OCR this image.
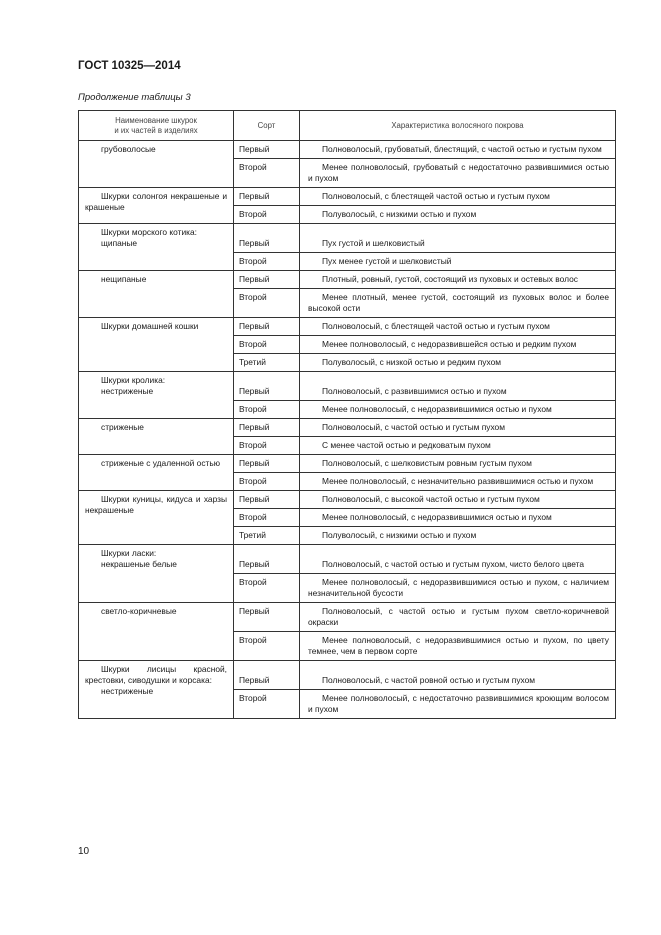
ГОСТ 10325—2014
Продолжение таблицы 3
Наименование шкурок
и их частей в изделиях	Сорт	Характеристика волосяного покрова

грубоволосые	Первый	Полноволосый, грубоватый, блестящий, с частой остью и густым пухом
	Второй	Менее полноволосый, грубоватый с недостаточно развившимися остью и пухом

Шкурки солонгоя некрашеные и крашеные	Первый	Полноволосый, с блестящей частой остью и густым пухом
	Второй	Полуволосый, с низкими остью и пухом

Шкурки морского котика:
щипаные	Первый	Пух густой и шелковистый
	Второй	Пух менее густой и шелковистый

нещипаные	Первый	Плотный, ровный, густой, состоящий из пуховых и остевых волос
	Второй	Менее плотный, менее густой, состоящий из пуховых волос и более высокой ости

Шкурки домашней кошки	Первый	Полноволосый, с блестящей частой остью и густым пухом
	Второй	Менее полноволосый, с недоразвившейся остью и редким пухом
	Третий	Полуволосый, с низкой остью и редким пухом

Шкурки кролика:
нестриженые	Первый	Полноволосый, с развившимися остью и пухом
	Второй	Менее полноволосый, с недоразвившимися остью и пухом

стриженые	Первый	Полноволосый, с частой остью и густым пухом
	Второй	С менее частой остью и редковатым пухом

стриженые с удаленной остью	Первый	Полноволосый, с шелковистым ровным густым пухом
	Второй	Менее полноволосый, с незначительно развившимися остью и пухом

Шкурки куницы, кидуса и харзы некрашеные	Первый	Полноволосый, с высокой частой остью и густым пухом
	Второй	Менее полноволосый, с недоразвившимися остью и пухом
	Третий	Полуволосый, с низкими остью и пухом

Шкурки ласки:
некрашеные белые	Первый	Полноволосый, с частой остью и густым пухом, чисто белого цвета
	Второй	Менее полноволосый, с недоразвившимися остью и пухом, с наличием незначительной бусости

светло-коричневые	Первый	Полноволосый, с частой остью и густым пухом светло-коричневой окраски
	Второй	Менее полноволосый, с недоразвившимися остью и пухом, по цвету темнее, чем в первом сорте

Шкурки лисицы красной, крестовки, сиводушки и корсака:
нестриженые	Первый	Полноволосый, с частой ровной остью и густым пухом
	Второй	Менее полноволосый, с недостаточно развившимися кроющим волосом и пухом
10
